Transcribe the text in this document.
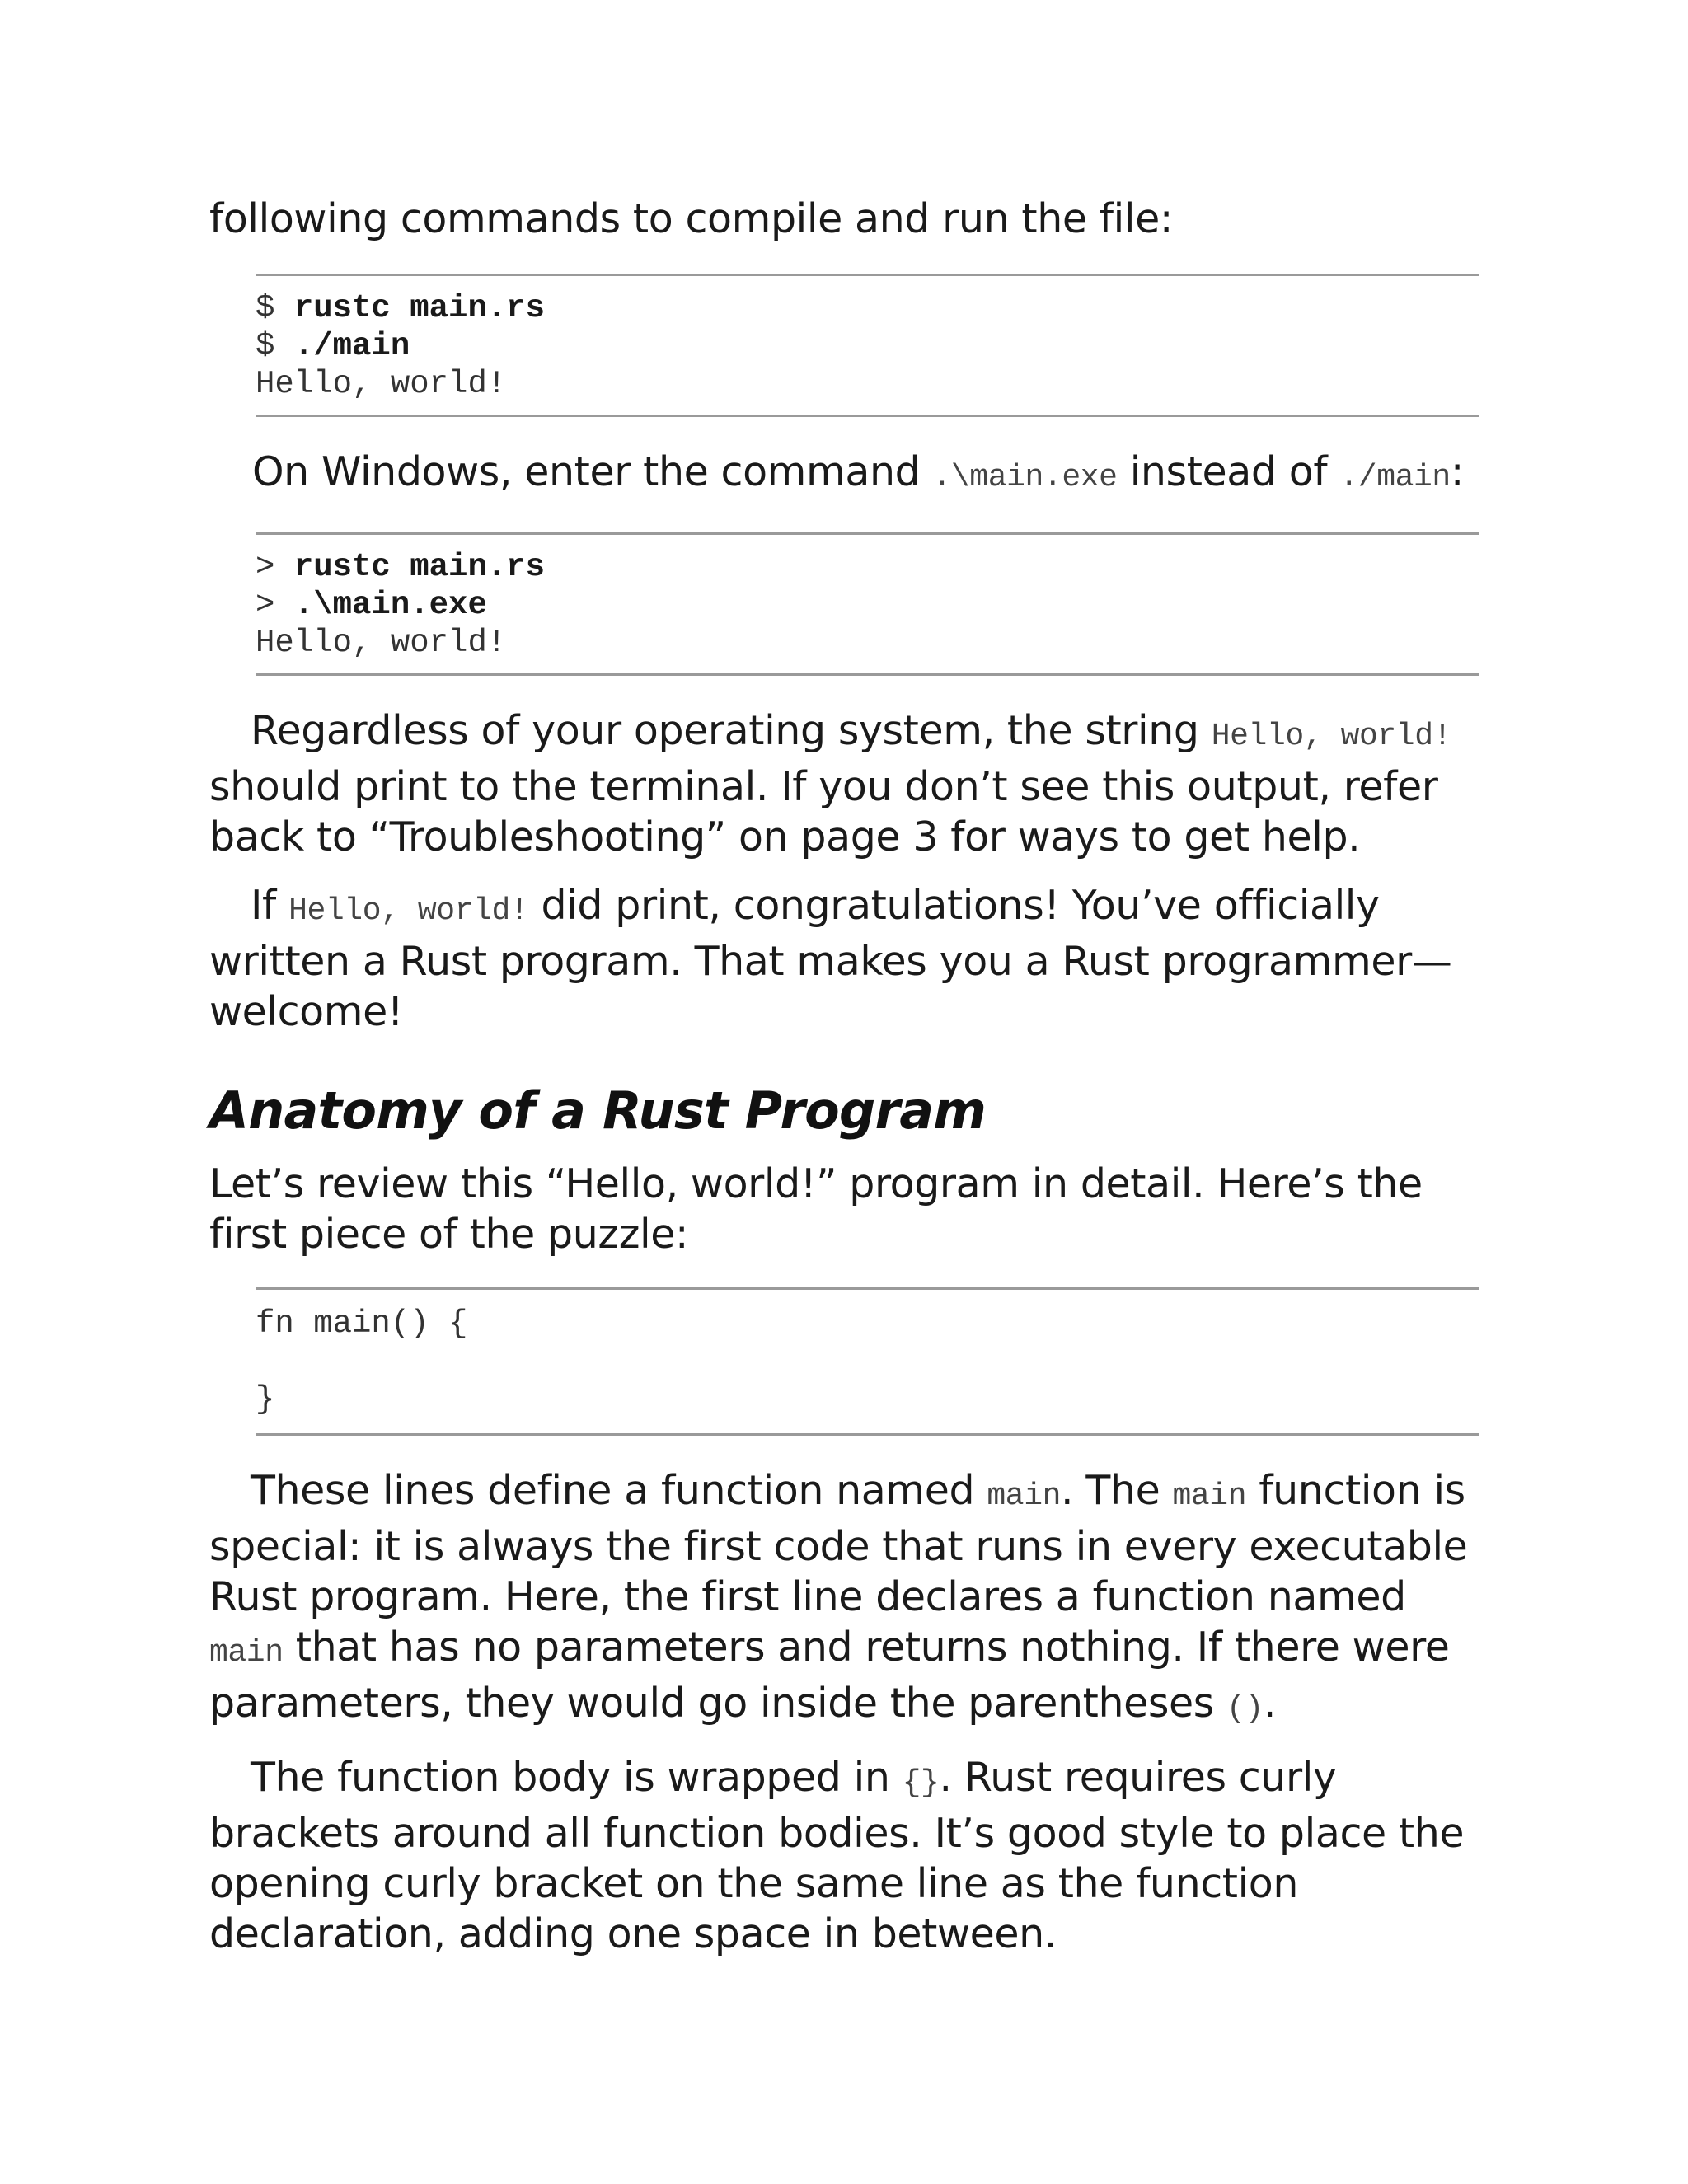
following commands to compile and run the file:

$ rustc main.rs
$ ./main
Hello, world!

On Windows, enter the command .\main.exe instead of ./main:

> rustc main.rs
> .\main.exe
Hello, world!

Regardless of your operating system, the string Hello, world! should print to the terminal. If you don’t see this output, refer back to “Troubleshooting” on page 3 for ways to get help.

If Hello, world! did print, congratulations! You’ve officially written a Rust program. That makes you a Rust programmer—welcome!

Anatomy of a Rust Program

Let’s review this “Hello, world!” program in detail. Here’s the first piece of the puzzle:

fn main() {
}

These lines define a function named main. The main function is special: it is always the first code that runs in every executable Rust program. Here, the first line declares a function named main that has no parameters and returns nothing. If there were parameters, they would go inside the parentheses ().

The function body is wrapped in {}. Rust requires curly brackets around all function bodies. It’s good style to place the opening curly bracket on the same line as the function declaration, adding one space in between.
